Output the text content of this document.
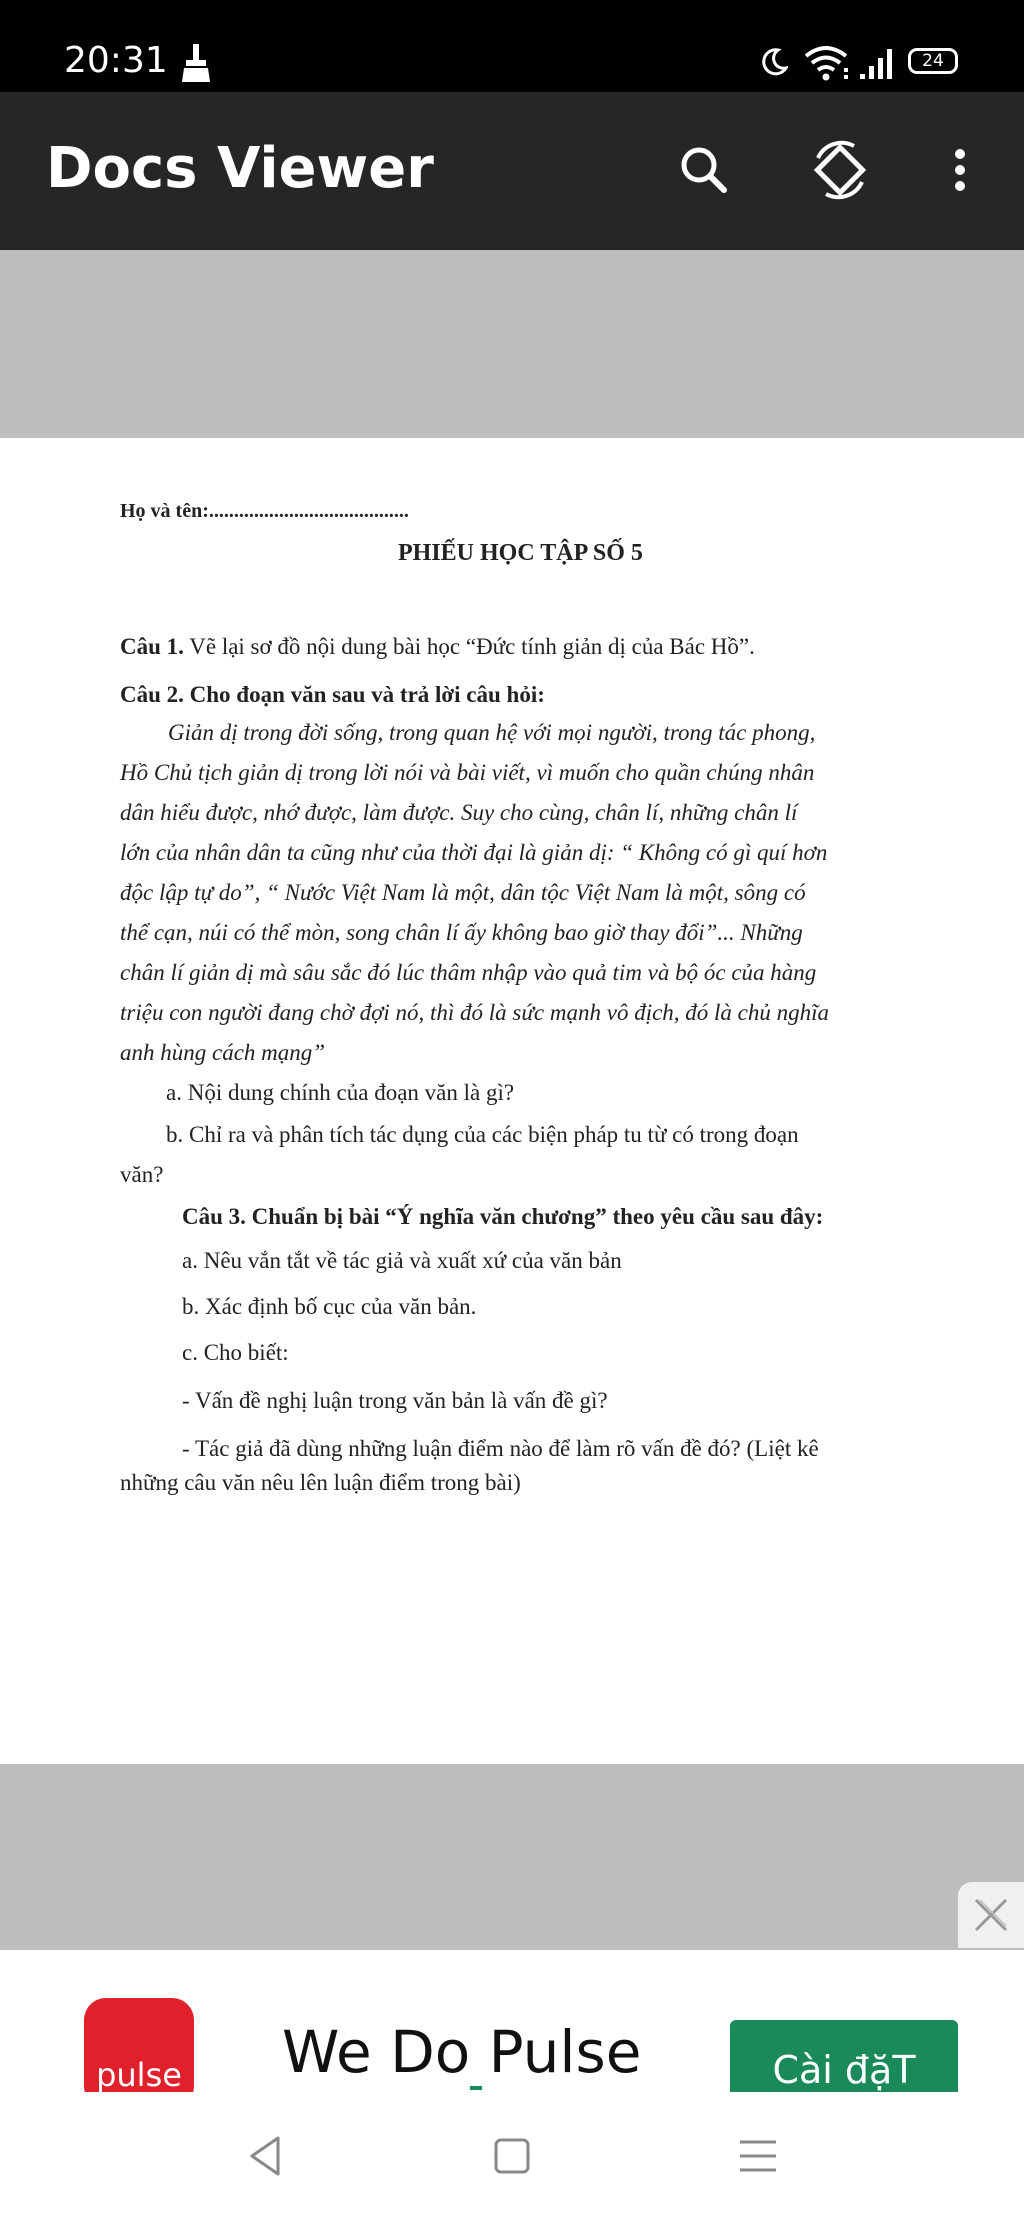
20:31	24
Docs Viewer
Họ và tên:........................................
PHIẾU HỌC TẬP SỐ 5
Câu 1. Vẽ lại sơ đồ nội dung bài học “Đức tính giản dị của Bác Hồ”.
Câu 2. Cho đoạn văn sau và trả lời câu hỏi:
Giản dị trong đời sống, trong quan hệ với mọi người, trong tác phong,
Hồ Chủ tịch giản dị trong lời nói và bài viết, vì muốn cho quần chúng nhân
dân hiểu được, nhớ được, làm được. Suy cho cùng, chân lí, những chân lí
lớn của nhân dân ta cũng như của thời đại là giản dị: “ Không có gì quí hơn
độc lập tự do”, “ Nước Việt Nam là một, dân tộc Việt Nam là một, sông có
thể cạn, núi có thể mòn, song chân lí ấy không bao giờ thay đổi”... Những
chân lí giản dị mà sâu sắc đó lúc thâm nhập vào quả tim và bộ óc của hàng
triệu con người đang chờ đợi nó, thì đó là sức mạnh vô địch, đó là chủ nghĩa
anh hùng cách mạng”
a. Nội dung chính của đoạn văn là gì?
b. Chỉ ra và phân tích tác dụng của các biện pháp tu từ có trong đoạn
văn?
Câu 3. Chuẩn bị bài “Ý nghĩa văn chương” theo yêu cầu sau đây:
a. Nêu vắn tắt về tác giả và xuất xứ của văn bản
b. Xác định bố cục của văn bản.
c. Cho biết:
- Vấn đề nghị luận trong văn bản là vấn đề gì?
- Tác giả đã dùng những luận điểm nào để làm rõ vấn đề đó? (Liệt kê
những câu văn nêu lên luận điểm trong bài)
pulse We Do Pulse	Cài đặT
